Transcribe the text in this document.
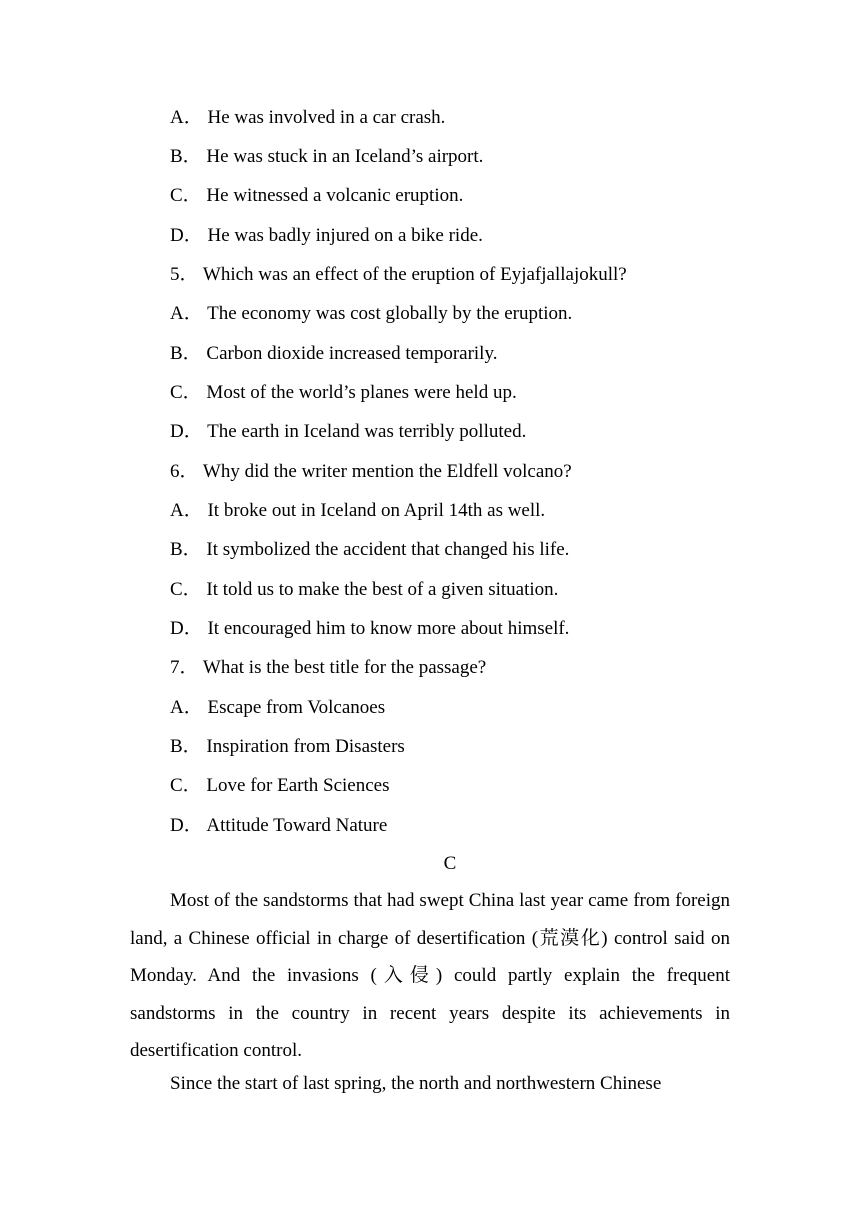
A． He was involved in a car crash.
B． He was stuck in an Iceland’s airport.
C． He witnessed a volcanic eruption.
D． He was badly injured on a bike ride.
5． Which was an effect of the eruption of Eyjafjallajokull?
A． The economy was cost globally by the eruption.
B． Carbon dioxide increased temporarily.
C． Most of the world’s planes were held up.
D． The earth in Iceland was terribly polluted.
6． Why did the writer mention the Eldfell volcano?
A． It broke out in Iceland on April 14th as well.
B． It symbolized the accident that changed his life.
C． It told us to make the best of a given situation.
D． It encouraged him to know more about himself.
7． What is the best title for the passage?
A． Escape from Volcanoes
B． Inspiration from Disasters
C． Love for Earth Sciences
D． Attitude Toward Nature
C

Most of the sandstorms that had swept China last year came from foreign land, a Chinese official in charge of desertification (荒漠化) control said on Monday. And the invasions (入侵) could partly explain the frequent sandstorms in the country in recent years despite its achievements in desertification control.

Since the start of last spring, the north and northwestern Chinese
